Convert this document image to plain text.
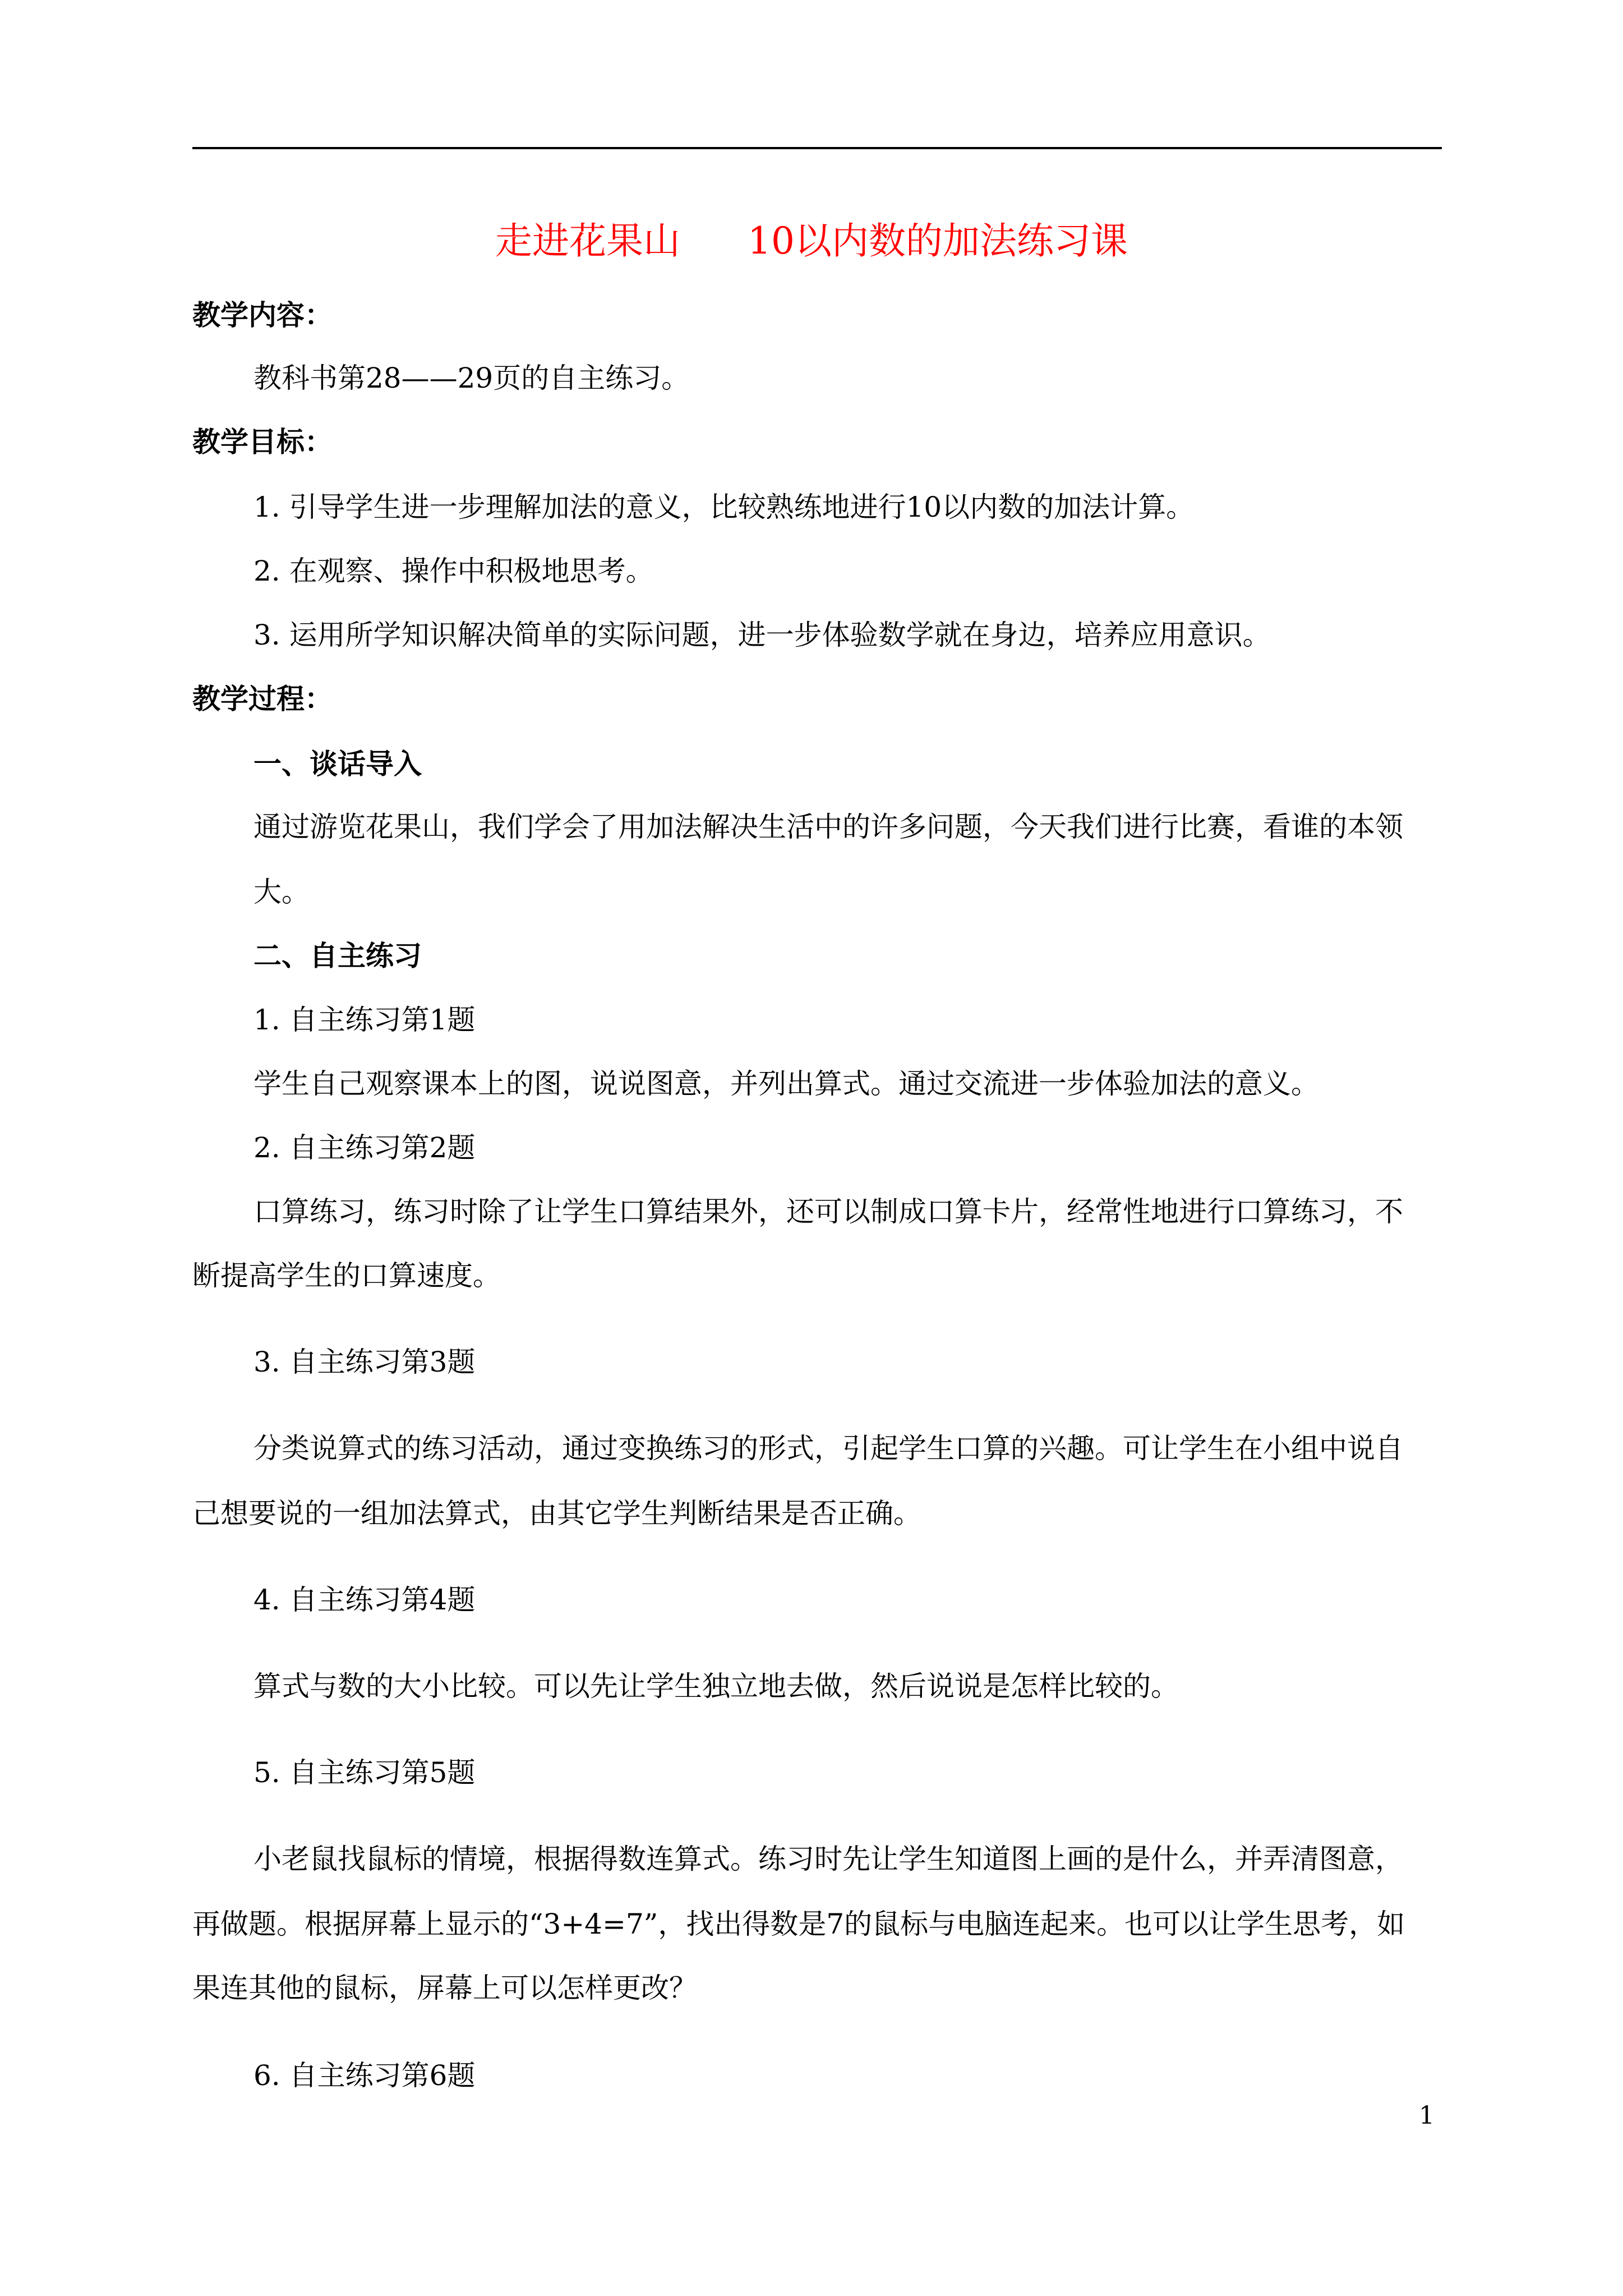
走进花果山 10以内数的加法练习课
教学内容：
教科书第28——29页的自主练习。
教学目标：
1. 引导学生进一步理解加法的意义，比较熟练地进行10以内数的加法计算。
2. 在观察、操作中积极地思考。
3. 运用所学知识解决简单的实际问题，进一步体验数学就在身边，培养应用意识。
教学过程：
一、谈话导入
通过游览花果山，我们学会了用加法解决生活中的许多问题，今天我们进行比赛，看谁的本领
大。
二、自主练习
1. 自主练习第1题
学生自己观察课本上的图，说说图意，并列出算式。通过交流进一步体验加法的意义。
2. 自主练习第2题
口算练习，练习时除了让学生口算结果外，还可以制成口算卡片，经常性地进行口算练习，不
断提高学生的口算速度。
3. 自主练习第3题
分类说算式的练习活动，通过变换练习的形式，引起学生口算的兴趣。可让学生在小组中说自
己想要说的一组加法算式，由其它学生判断结果是否正确。
4. 自主练习第4题
算式与数的大小比较。可以先让学生独立地去做，然后说说是怎样比较的。
5. 自主练习第5题
小老鼠找鼠标的情境，根据得数连算式。练习时先让学生知道图上画的是什么，并弄清图意，
再做题。根据屏幕上显示的“3+4=7”，找出得数是7的鼠标与电脑连起来。也可以让学生思考，如
果连其他的鼠标，屏幕上可以怎样更改？
6. 自主练习第6题
1
